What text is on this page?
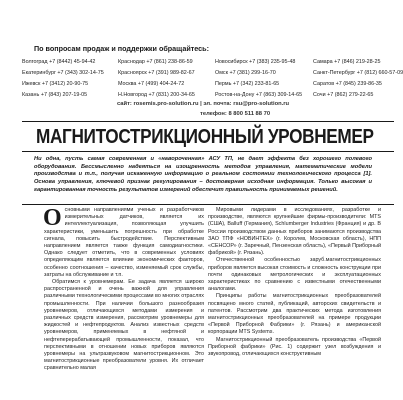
По вопросам продаж и поддержки обращайтесь:
Волгоград +7 (8442) 45-94-42	Краснодар +7 (861) 238-86-59	Новосибирск +7 (383) 235-95-48	Самара +7 (846) 219-28-25
Екатеринбург +7 (343) 302-14-75	Красноярск +7 (391) 989-82-67	Омск +7 (381) 299-16-70	Санкт-Петербург +7 (812) 660-57-09
Ижевск +7 (3412) 20-90-75	Москва +7 (499) 404-24-72	Пермь +7 (342) 233-81-65	Саратов +7 (845) 239-86-35
Казань +7 (843) 207-19-05	Н.Новгород +7 (831) 200-34-65	Ростов-на-Дону +7 (863) 309-14-65	Сочи +7 (862) 279-22-65
сайт: rosemis.pro-solution.ru | эл. почта: rsu@pro-solution.ru
телефон: 8 800 511 88 70
МАГНИТОСТРИКЦИОННЫЙ УРОВНЕМЕР
Ни одна, пусть самая современная и «навороченная» АСУ ТП, не дает эффекта без хорошего полевого оборудования. Бессмысленно надеяться на изощренность методов управления, математические модели производства и т.п., получая искаженную информацию о реальном состоянии технологического процесса [1]. Основа управления, ключевой признак регулирования – достоверная исходная информация. Только высокая и гарантированная точность результатов измерений обеспечит правильность принимаемых решений.

Основными направлениями ученых и разработчиков измерительных датчиков, является их интеллектуализация, позволяющая улучшить характеристики, уменьшить погрешность при обработке сигнала, повысить быстродействие. Перспективным направлением является также функция самодиагностики. Однако следует отметить, что в современных условиях определяющим является влияние экономических факторов, особенно соотношения – качество, изменяемый срок службы, затраты на обслуживание и т.п.

Обратимся к уровнемерам. Ее задача является широко распространенной и очень важной для управления различными технологическими процессами во многих отраслях промышленности. При наличии большого разнообразия уровнемеров, отличающихся методами измерения и различных средств измерения, рассмотрим уровнемеры для жидкостей и нефтепродуктов. Анализ известных средств уровнемеров, применяемых в нефтяной и нефтеперерабатывающей промышленности, показал, что перспективными в отношении новых приборов являются уровнемеры на ультразвуковом магнитострикционном. Это магнитострикционные преобразователи уровня. Их отличает сравнительно малая

Мировыми лидерами в исследованиях, разработке и производстве, являются крупнейшие фирмы-производители: MTS (США), Balluff (Германия), Schlumberger Industries (Франция) и др. В России производством данных приборов занимаются производства ЗАО ТПФ «НОВИНТЕХ» (г. Королев, Московская область), НПП «СЕНСОР» (г. Заречный, Пензенская область), «Первый Приборный фабрикой» (г. Рязань).

Отечественной особенностью заруб.магнитострикционных приборов является высокая стоимость и сложность конструкции при почти одинаковых метрологических и эксплуатационных характеристиках по сравнению с известными отечественными аналогами.

Принципы работы магнитострикционных преобразователей посвящено много статей, публикаций, авторских свидетельств и патентов. Рассмотрим два практических метода изготовления магнитострикционных преобразователей на примере продукции «Первой Приборной Фабрики» (г. Рязань) и американской корпорации MTS Systems.

Магнитострикционный преобразователь производства «Первой Приборной фабрики» (Рис. 1) содержит узел возбуждения и звукопровод, отличающихся конструктивным
